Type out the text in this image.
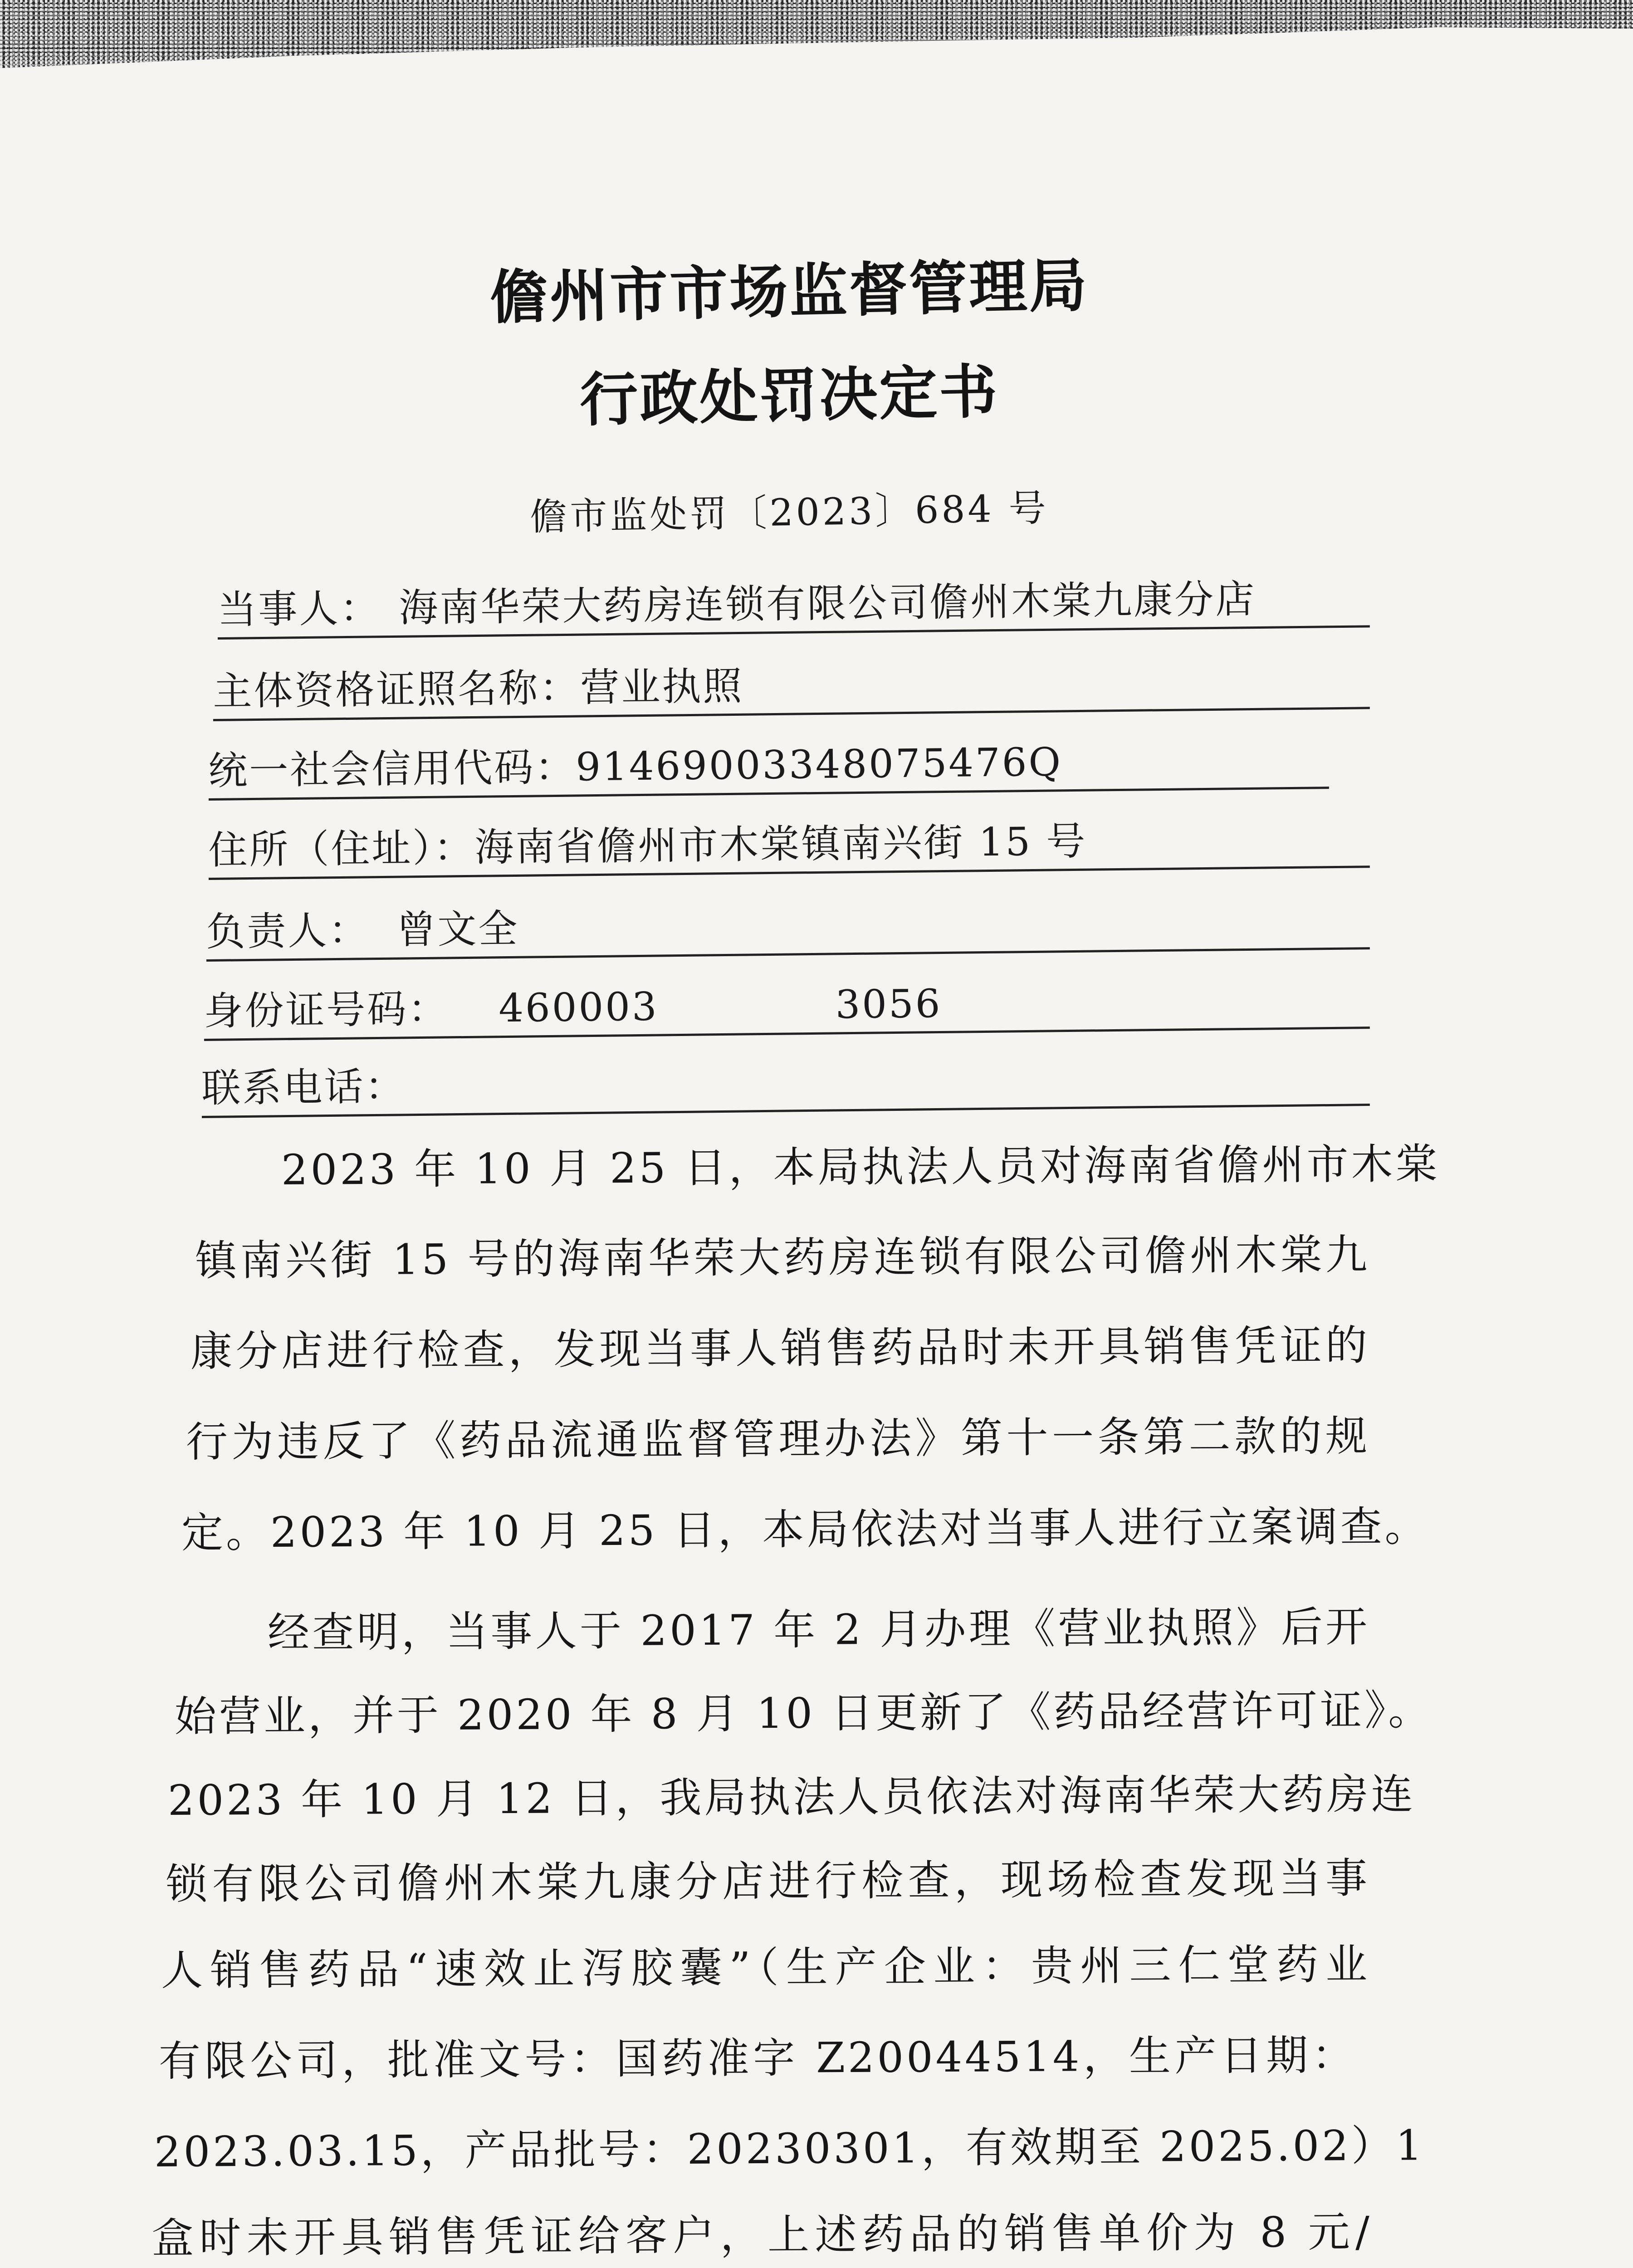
儋州市市场监督管理局
行政处罚决定书
儋市监处罚〔2023〕684 号
当事人： 海南华荣大药房连锁有限公司儋州木棠九康分店
主体资格证照名称：营业执照
统一社会信用代码：91469003348075476Q
住所（住址）：海南省儋州市木棠镇南兴街 15 号
负责人： 曾文全
身份证号码： 460003	3056
联系电话：
2023 年 10 月 25 日，本局执法人员对海南省儋州市木棠
镇南兴街 15 号的海南华荣大药房连锁有限公司儋州木棠九
康分店进行检查，发现当事人销售药品时未开具销售凭证的
行为违反了《药品流通监督管理办法》第十一条第二款的规
定。2023 年 10 月 25 日，本局依法对当事人进行立案调查。
经查明，当事人于 2017 年 2 月办理《营业执照》后开
始营业，并于 2020 年 8 月 10 日更新了《药品经营许可证》。
2023 年 10 月 12 日，我局执法人员依法对海南华荣大药房连
锁有限公司儋州木棠九康分店进行检查，现场检查发现当事
人销售药品“速效止泻胶囊”（生产企业：贵州三仁堂药业
有限公司，批准文号：国药准字 Z20044514，生产日期：
2023.03.15，产品批号：20230301，有效期至 2025.02）1
盒时未开具销售凭证给客户，上述药品的销售单价为 8 元/
